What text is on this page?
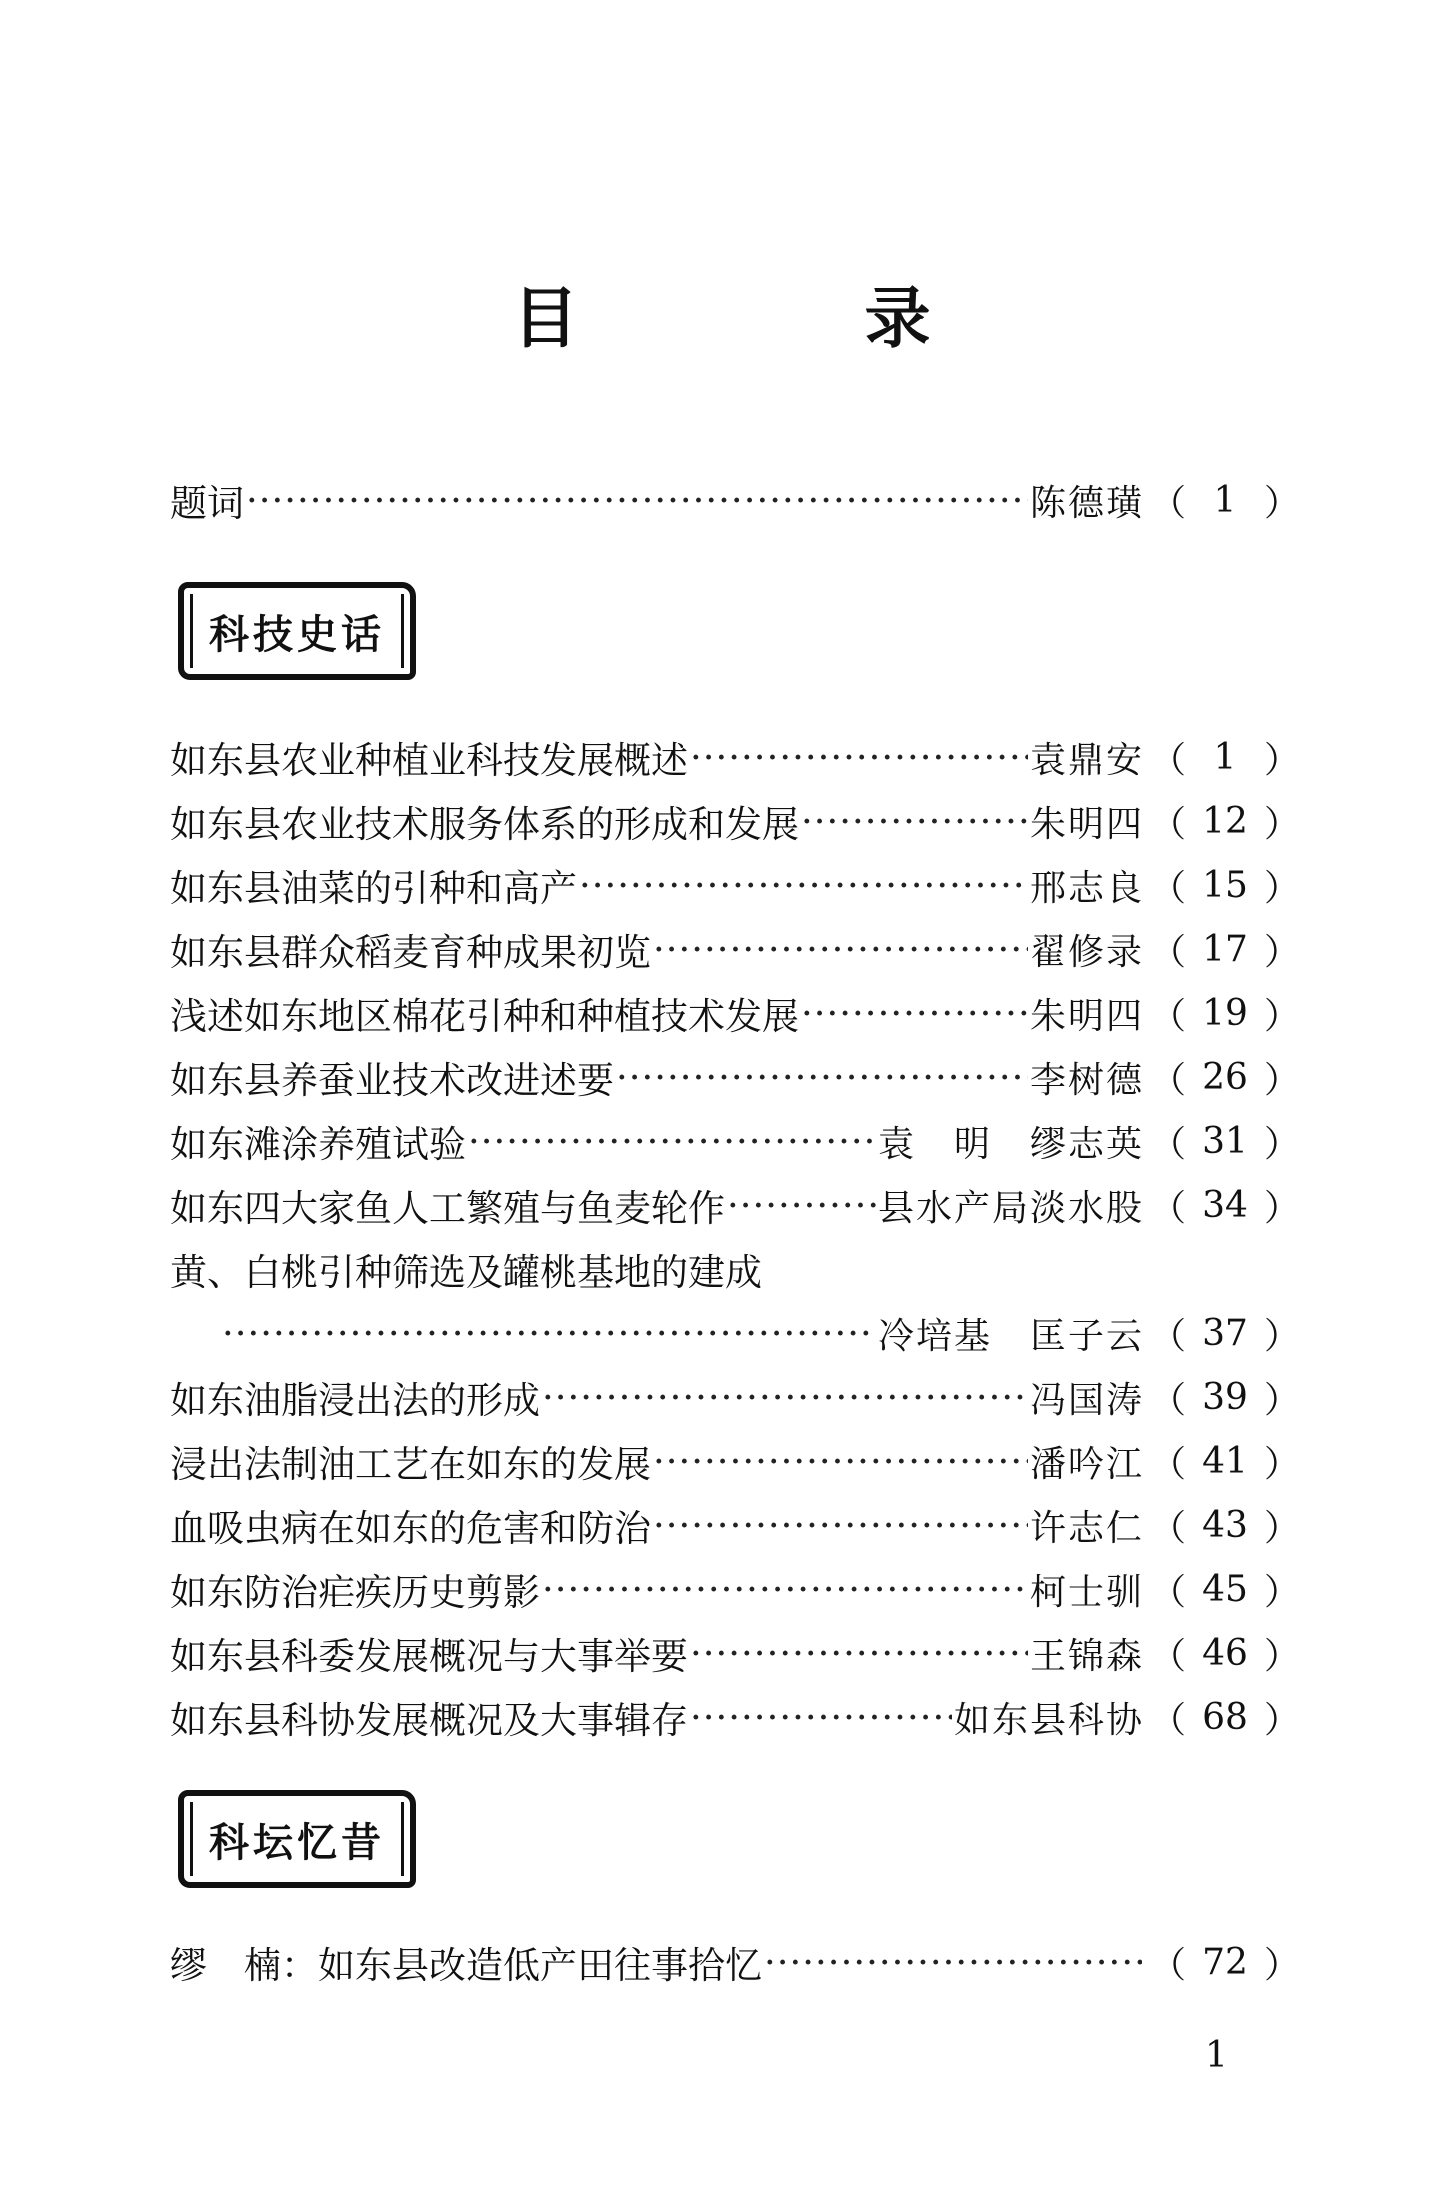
目　录
题词 ·····	陈德璜 （ 1 ）
科技史话
如东县农业种植业科技发展概述 ·····	袁鼎安 （ 1 ）
如东县农业技术服务体系的形成和发展 ·····	朱明四 （ 12 ）
如东县油菜的引种和高产 ·····	邢志良 （ 15 ）
如东县群众稻麦育种成果初览 ·····	翟修录 （ 17 ）
浅述如东地区棉花引种和种植技术发展 ·····	朱明四 （ 19 ）
如东县养蚕业技术改进述要 ·····	李树德 （ 26 ）
如东滩涂养殖试验 ·····	袁　明　缪志英 （ 31 ）
如东四大家鱼人工繁殖与鱼麦轮作 ·····	县水产局淡水股 （ 34 ）
黄、白桃引种筛选及罐桃基地的建成
·····
冷培基　匡子云 （ 37 ）
如东油脂浸出法的形成 ·····	冯国涛 （ 39 ）
浸出法制油工艺在如东的发展 ·····	潘吟江 （ 41 ）
血吸虫病在如东的危害和防治 ·····	许志仁 （ 43 ）
如东防治疟疾历史剪影 ·····	柯士驯 （ 45 ）
如东县科委发展概况与大事举要 ·····	王锦森 （ 46 ）
如东县科协发展概况及大事辑存 ·····	如东县科协 （ 68 ）
科坛忆昔
缪　楠：如东县改造低产田往事拾忆 ·····	（ 72 ）
1
